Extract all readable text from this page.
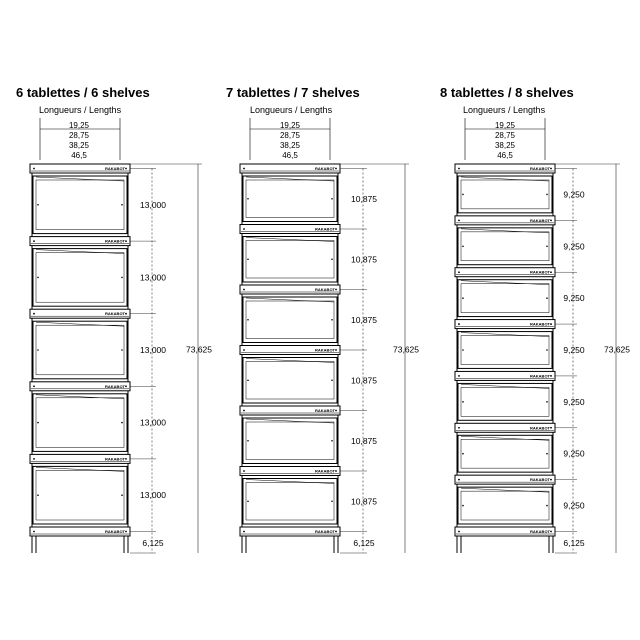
6 tablettes / 6 shelves	7 tablettes / 7 shelves	8 tablettes / 8 shelves
Longueurs / Lengths	Longueurs / Lengths	Longueurs / Lengths
19,25
28,75
38,25
46,5
19,25
28,75
38,25
46,5
19,25
28,75
38,25
46,5
RAKABOT
RAKABOT
RAKABOT
RAKABOT
RAKABOT
RAKABOT
13,000
13,000
13,000
13,000
13,000
6,125
73,625
RAKABOT
RAKABOT
RAKABOT
RAKABOT
RAKABOT
RAKABOT
RAKABOT
10,875
10,875
10,875
10,875
10,875
10,875
6,125
73,625
RAKABOT
RAKABOT
RAKABOT
RAKABOT
RAKABOT
RAKABOT
RAKABOT
RAKABOT
9,250
9,250
9,250
9,250
9,250
9,250
9,250
6,125
73,625
